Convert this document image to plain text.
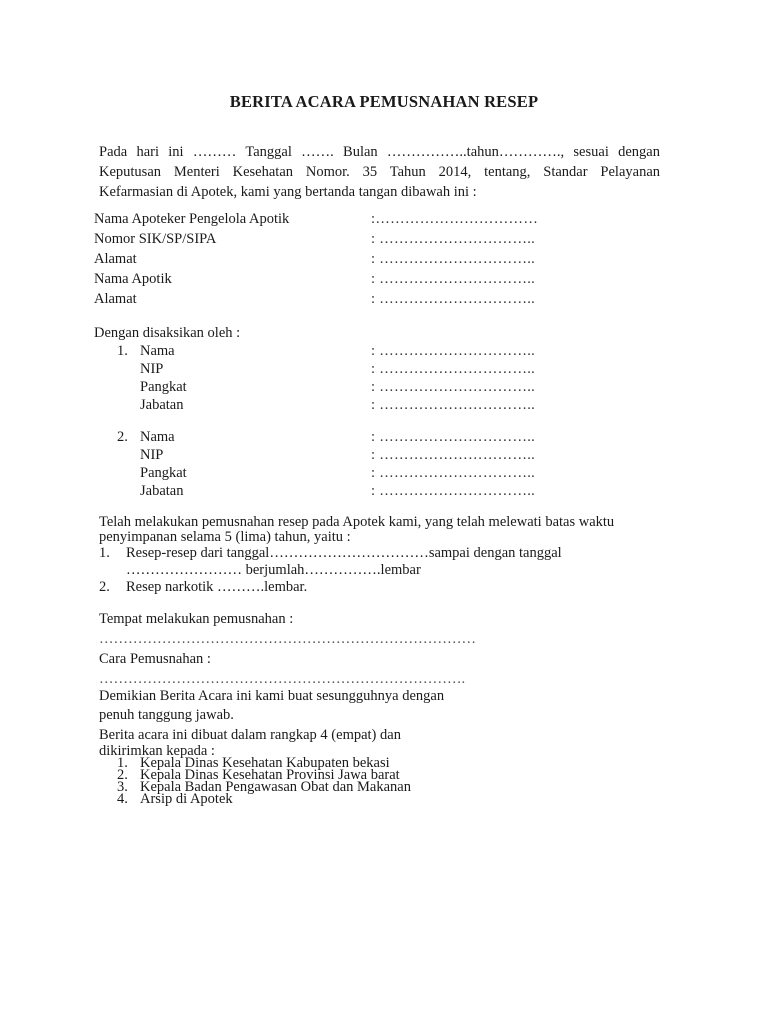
BERITA ACARA PEMUSNAHAN RESEP
Pada hari ini ……… Tanggal ……. Bulan ……………..tahun…………., sesuai dengan
Keputusan Menteri Kesehatan Nomor. 35 Tahun 2014, tentang, Standar Pelayanan
Kefarmasian di Apotek, kami yang bertanda tangan dibawah ini :
Nama Apoteker Pengelola Apotik	:……………………………
Nomor SIK/SP/SIPA	: …………………………..
Alamat	: …………………………..
Nama Apotik	: …………………………..
Alamat	: …………………………..
Dengan disaksikan oleh :
1. Nama	: …………………………..
NIP	: …………………………..
Pangkat	: …………………………..
Jabatan	: …………………………..
2. Nama	: …………………………..
NIP	: …………………………..
Pangkat	: …………………………..
Jabatan	: …………………………..
Telah melakukan pemusnahan resep pada Apotek kami, yang telah melewati batas waktu
penyimpanan selama 5 (lima) tahun, yaitu :
1. Resep-resep dari tanggal……………………………sampai dengan tanggal
…………………… berjumlah…………….lembar
2. Resep narkotik ……….lembar.
Tempat melakukan pemusnahan :
……………………………………………………………………
Cara Pemusnahan :
………………………………………………………………….
Demikian Berita Acara ini kami buat sesungguhnya dengan
penuh tanggung jawab.
Berita acara ini dibuat dalam rangkap 4 (empat) dan
dikirimkan kepada :
1. Kepala Dinas Kesehatan Kabupaten bekasi
2. Kepala Dinas Kesehatan Provinsi Jawa barat
3. Kepala Badan Pengawasan Obat dan Makanan
4. Arsip di Apotek
